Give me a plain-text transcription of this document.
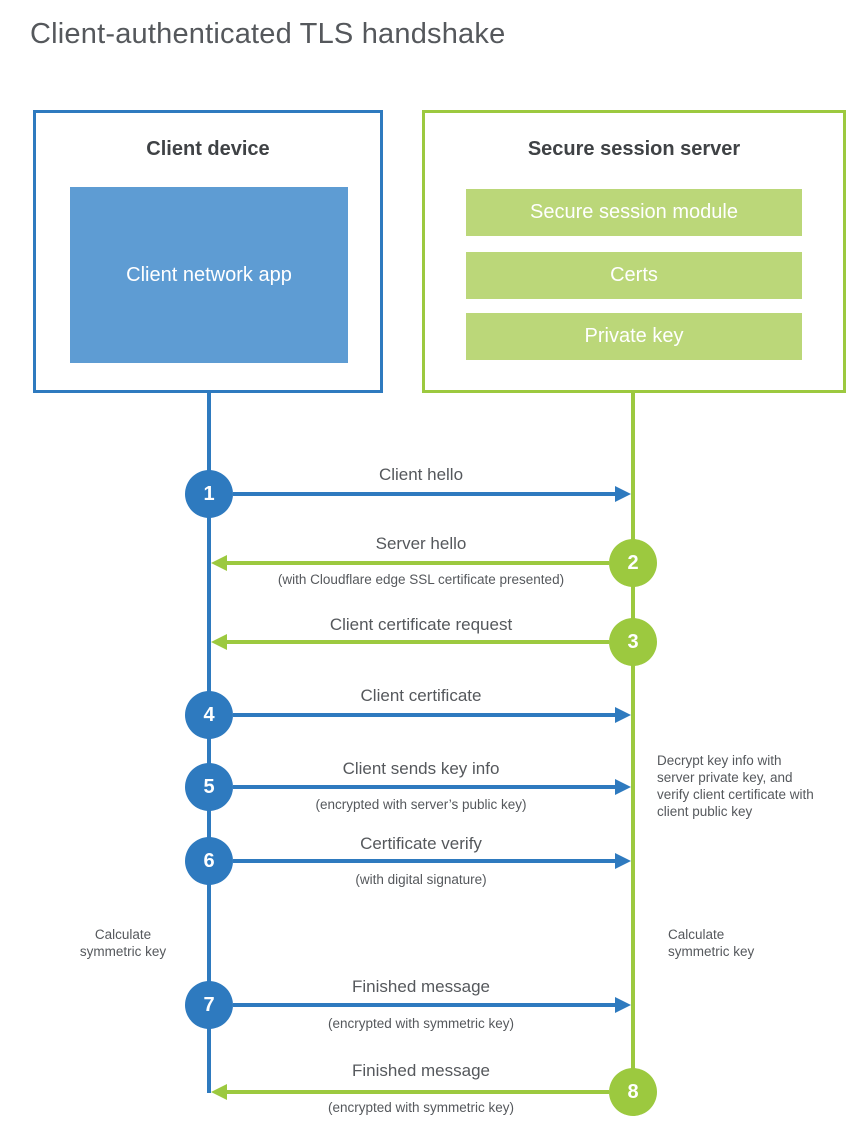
Client-authenticated TLS handshake
Client device
Client network app
Secure session server
Secure session module
Certs
Private key
1
Client hello
2
Server hello
(with Cloudflare edge SSL certificate presented)
3
Client certificate request
4
Client certificate
5
Client sends key info
(encrypted with server’s public key)
6
Certificate verify
(with digital signature)
Decrypt key info with server private key, and verify client certificate with client public key
Calculate symmetric key
Calculate symmetric key
7
Finished message
(encrypted with symmetric key)
8
Finished message
(encrypted with symmetric key)
